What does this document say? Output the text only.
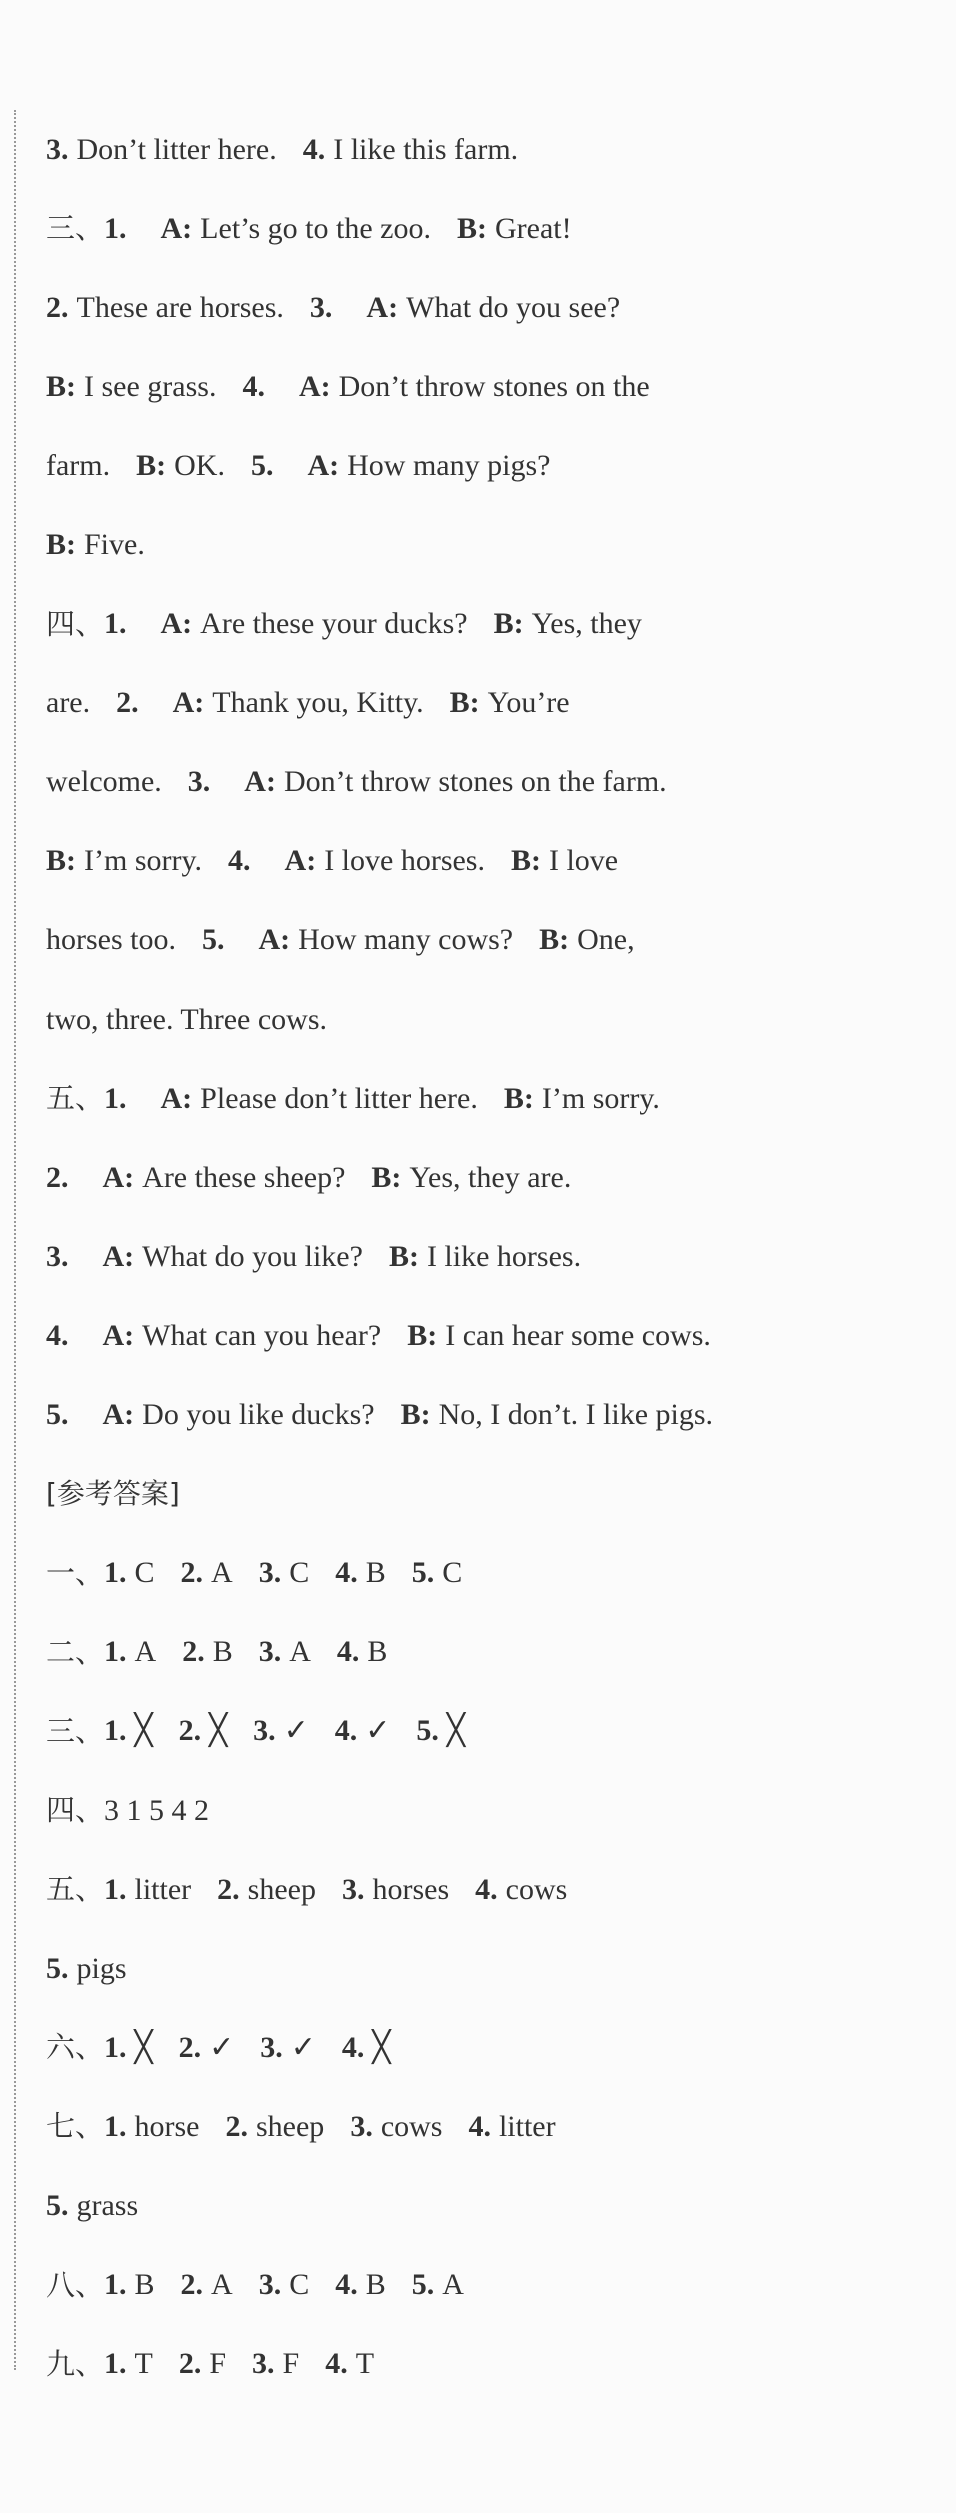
3. Don’t litter here. 4. I like this farm.
三、 1. A: Let’s go to the zoo. B: Great!
2. These are horses. 3. A: What do you see?
B: I see grass. 4. A: Don’t throw stones on the
farm. B: OK. 5. A: How many pigs?
B: Five.
四、 1. A: Are these your ducks? B: Yes, they
are. 2. A: Thank you, Kitty. B: You’re
welcome. 3. A: Don’t throw stones on the farm.
B: I’m sorry. 4. A: I love horses. B: I love
horses too. 5. A: How many cows? B: One,
two, three. Three cows.
五、 1. A: Please don’t litter here. B: I’m sorry.
2. A: Are these sheep? B: Yes, they are.
3. A: What do you like? B: I like horses.
4. A: What can you hear? B: I can hear some cows.
5. A: Do you like ducks? B: No, I don’t. I like pigs.
[参考答案]
一、 1. C 2. A 3. C 4. B 5. C
二、 1. A 2. B 3. A 4. B
三、 1. ╳ 2. ╳ 3. ✓ 4. ✓ 5. ╳
四、 3 1 5 4 2
五、 1. litter 2. sheep 3. horses 4. cows
5. pigs
六、 1. ╳ 2. ✓ 3. ✓ 4. ╳
七、 1. horse 2. sheep 3. cows 4. litter
5. grass
八、 1. B 2. A 3. C 4. B 5. A
九、 1. T 2. F 3. F 4. T
